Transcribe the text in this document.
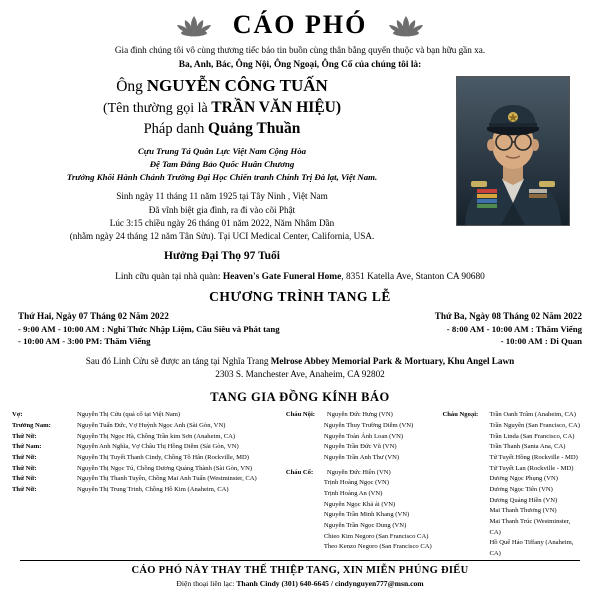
CÁO PHÓ
Gia đình chúng tôi vô cùng thương tiếc báo tin buồn cùng thân bằng quyến thuộc và bạn hữu gần xa.
Ba, Anh, Bác, Ông Nội, Ông Ngoại, Ông Cố của chúng tôi là:
Ông NGUYỄN CÔNG TUẤN
(Tên thường gọi là TRẦN VĂN HIỆU)
Pháp danh Quảng Thuần
Cựu Trung Tá Quân Lực Việt Nam Cộng Hòa
Đệ Tam Đẳng Bảo Quốc Huân Chương
Trưởng Khối Hành Chánh Trường Đại Học Chiến tranh Chính Trị Đà lạt, Việt Nam.
Sinh ngày 11 tháng 11 năm 1925 tại Tây Ninh , Việt Nam
Đã vĩnh biệt gia đình, ra đi vào cõi Phật
Lúc 3:15 chiều ngày 26 tháng 01 năm 2022, Năm Nhâm Dần
(nhằm ngày 24 tháng 12 năm Tân Sửu). Tại UCI Medical Center, California, USA.
Hưởng Đại Thọ 97 Tuổi
Linh cữu quàn tại nhà quàn: Heaven's Gate Funeral Home, 8351 Katella Ave, Stanton CA 90680
CHƯƠNG TRÌNH TANG LỄ
Thứ Hai, Ngày 07 Tháng 02 Năm 2022
- 9:00 AM - 10:00 AM : Nghi Thức Nhập Liệm, Cầu Siêu và Phát tang
- 10:00 AM - 3:00 PM: Thăm Viếng
Thứ Ba, Ngày 08 Tháng 02 Năm 2022
- 8:00 AM - 10:00 AM : Thăm Viếng
- 10:00 AM : Di Quan
Sau đó Linh Cửu sẽ được an táng tại Nghĩa Trang Melrose Abbey Memorial Park & Mortuary, Khu Angel Lawn
2303 S. Manchester Ave, Anaheim, CA 92802
TANG GIA ĐỒNG KÍNH BÁO
Vợ:	Nguyễn Thị Cửu (quá cố tại Việt Nam)
Trưởng Nam:	Nguyễn Tuấn Đức, Vợ Huỳnh Ngọc Anh (Sài Gòn, VN)
Thứ Nữ:	Nguyễn Thị Ngọc Hà, Chồng Trần kim Sơn (Anaheim, CA)
Thứ Nam:	Nguyễn Anh Nghĩa, Vợ Châu Thị Hồng Diễm (Sài Gòn, VN)
Thứ Nữ:	Nguyễn Thị Tuyết Thanh Cindy, Chồng Tô Hân (Rockville, MD)
Thứ Nữ:	Nguyễn Thị Ngọc Tú, Chồng Dương Quảng Thành (Sài Gòn, VN)
Thứ Nữ:	Nguyễn Thị Thanh Tuyền, Chồng Mai Anh Tuấn (Westminster, CA)
Thứ Nữ:	Nguyễn Thị Trung Trinh, Chồng Hồ Kim (Anaheim, CA)
Cháu Nội:	Nguyễn Đức Hưng (VN)
Nguyễn Thuy Trường Diễm (VN)
Nguyễn Toàn Ánh Loan (VN)
Nguyễn Trần Đức Vũ (VN)
Nguyễn Trần Anh Thư (VN)
Cháu Cố:	Nguyễn Đức Hiền (VN)
Trịnh Hoàng Ngọc (VN)
Trịnh Hoàng An (VN)
Nguyễn Ngọc Khả ái (VN)
Nguyễn Trần Minh Khang (VN)
Nguyễn Trần Ngọc Dung (VN)
Chieo Kim Negoro (San Francisco CA)
Theo Kenzo Negoro (San Francisco CA)
Cháu Ngoại:	Trần Oanh Trâm (Anaheim, CA)
Trần Nguyên (San Francisco, CA)
Trần Linda (San Francisco, CA)
Trần Thanh (Santa Ana, CA)
Tử Tuyết Hồng (Rockville - MD)
Tử Tuyết Lan (Rockville - MD)
Dương Ngọc Phụng (VN)
Dương Ngọc Tiên (VN)
Dương Quảng Hiền (VN)
Mai Thanh Thương (VN)
Mai Thanh Trúc (Westminster, CA)
Hồ Quế Hảo Tiffany (Anaheim, CA)
CÁO PHÓ NÀY THAY THẾ THIỆP TANG, XIN MIỄN PHÚNG ĐIẾU
Điện thoại liên lạc: Thanh Cindy (301) 640-6645 / cindynguyen777@msn.com
